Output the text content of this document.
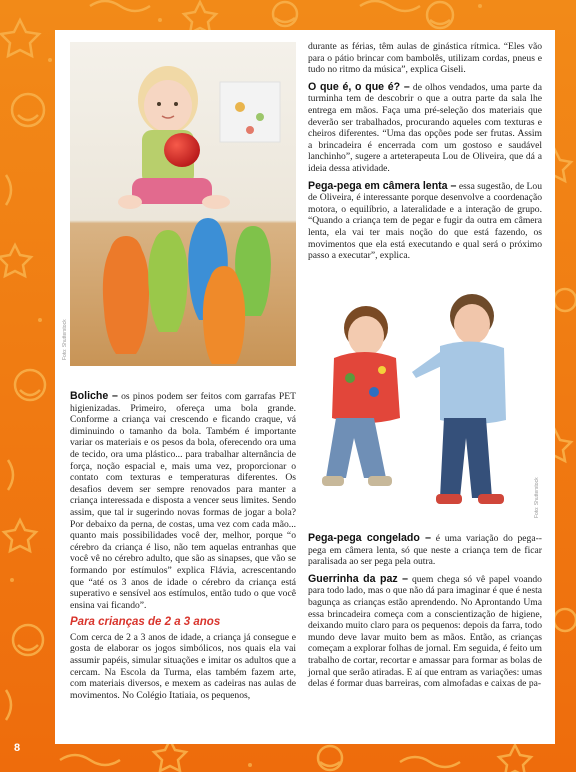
Foto: Shutterstock
Foto: Shutterstock

Boliche – os pinos podem ser feitos com garrafas PET higienizadas. Primeiro, ofereça uma bola grande. Conforme a criança vai crescendo e ficando craque, vá diminuindo o tamanho da bola. Também é importante variar os materiais e os pesos da bola, oferecendo ora uma de tecido, ora uma plástico... para trabalhar alternância de força, noção espacial e, mais uma vez, proporcionar o contato com texturas e temperaturas diferentes. Os desafios devem ser sempre renovados para manter a criança interessada e disposta a vencer seus limites. Sendo assim, que tal ir sugerindo novas formas de jogar a bola? Por debaixo da perna, de costas, uma vez com cada mão... quanto mais possibilidades você der, melhor, porque “o cérebro da criança é liso, não tem aquelas entranhas que você vê no cérebro adulto, que são as sinapses, que vão se formando por estímulos” explica Flávia, acrescentando que “até os 3 anos de idade o cérebro da criança está superativo e sensível aos estímulos, então tudo o que você ensina vai ficando”.

Para crianças de 2 a 3 anos

Com cerca de 2 a 3 anos de idade, a criança já consegue e gosta de elaborar os jogos simbólicos, nos quais ela vai assumir papéis, simular situações e imitar os adultos que a cercam. Na Escola da Turma, elas também fazem arte, com materiais diversos, e mexem as cadeiras nas aulas de movimentos. No Colégio Itatiaia, os pequenos,

durante as férias, têm aulas de ginástica rítmica. “Eles vão para o pátio brincar com bambolês, utilizam cordas, pneus e tudo no ritmo da música”, explica Giseli.

O que é, o que é? – de olhos vendados, uma parte da turminha tem de descobrir o que a outra parte da sala lhe entrega em mãos. Faça uma pré-seleção dos materiais que deverão ser trabalhados, procurando aqueles com texturas e cheiros diferentes. “Uma das opções pode ser frutas. Assim a brincadeira é encerrada com um gostoso e saudável lanchinho”, sugere a arteterapeuta Lou de Oliveira, que dá a ideia dessa atividade.

Pega-pega em câmera lenta – essa sugestão, de Lou de Oliveira, é interessante porque desenvolve a coordenação motora, o equilíbrio, a lateralidade e a interação de grupo. “Quando a criança tem de pegar e fugir da outra em câmera lenta, ela vai ter mais noção do que está fazendo, os movimentos que ela está executando e qual será o próximo passo a executar”, explica.

Pega-pega congelado – é uma variação do pega--pega em câmera lenta, só que neste a criança tem de ficar paralisada ao ser pega pela outra.

Guerrinha da paz – quem chega só vê papel voando para todo lado, mas o que não dá para imaginar é que é nesta bagunça as crianças estão aprendendo. No Aprontando Uma essa brincadeira começa com a conscientização de higiene, deixando muito claro para os pequenos: depois da farra, todo mundo deve lavar muito bem as mãos. Então, as crianças começam a explorar folhas de jornal. Em seguida, é feito um trabalho de cortar, recortar e amassar para formar as bolas de jornal que serão atiradas. E aí que entram as variações: umas delas é formar duas barreiras, com almofadas e caixas de pa-

8
